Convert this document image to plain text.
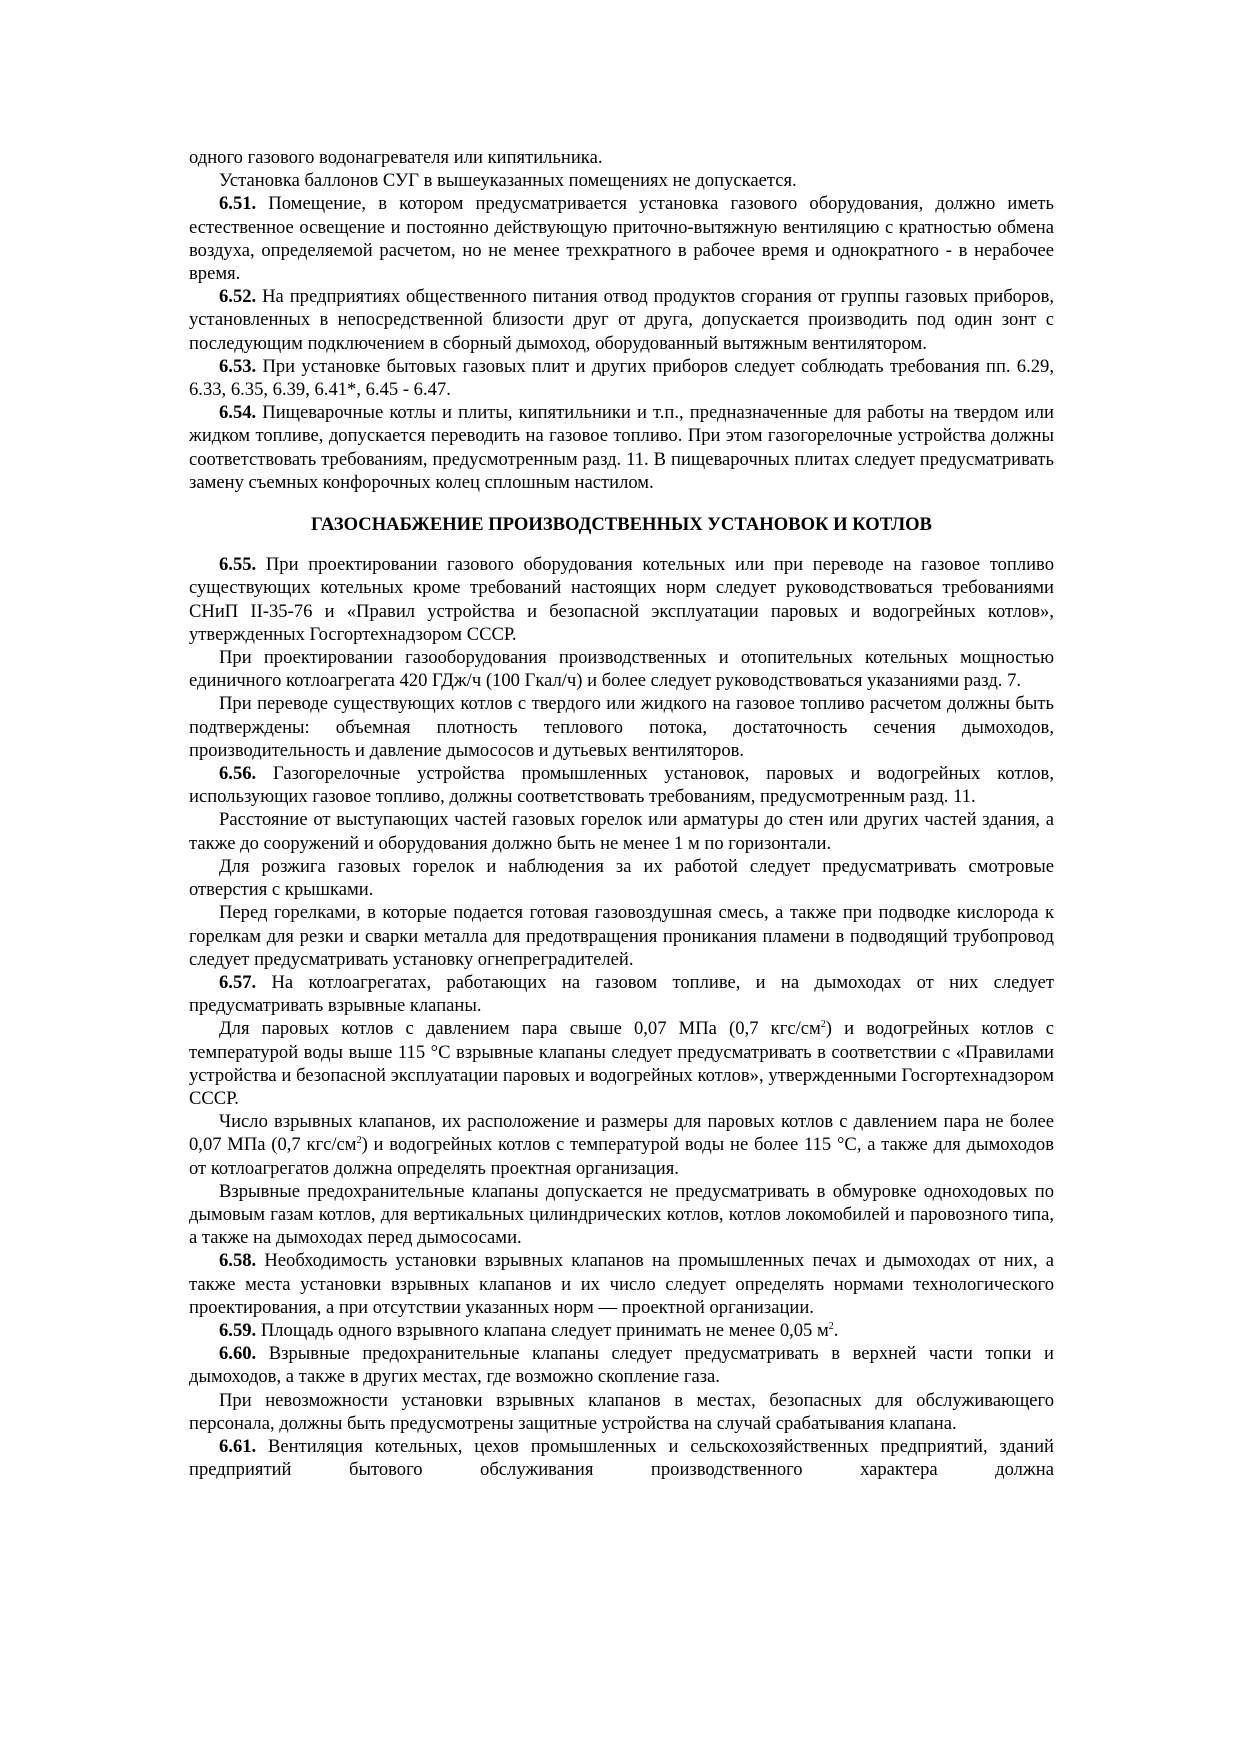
одного газового водонагревателя или кипятильника.

Установка баллонов СУГ в вышеуказанных помещениях не допускается.

6.51. Помещение, в котором предусматривается установка газового оборудования, должно иметь естественное освещение и постоянно действующую приточно-вытяжную вентиляцию с кратностью обмена воздуха, определяемой расчетом, но не менее трехкратного в рабочее время и однократного - в нерабочее время.

6.52. На предприятиях общественного питания отвод продуктов сгорания от группы газовых приборов, установленных в непосредственной близости друг от друга, допускается производить под один зонт с последующим подключением в сборный дымоход, оборудованный вытяжным вентилятором.

6.53. При установке бытовых газовых плит и других приборов следует соблюдать требования пп. 6.29, 6.33, 6.35, 6.39, 6.41*, 6.45 - 6.47.

6.54. Пищеварочные котлы и плиты, кипятильники и т.п., предназначенные для работы на твердом или жидком топливе, допускается переводить на газовое топливо. При этом газогорелочные устройства должны соответствовать требованиям, предусмотренным разд. 11. В пищеварочных плитах следует предусматривать замену съемных конфорочных колец сплошным настилом.

ГАЗОСНАБЖЕНИЕ ПРОИЗВОДСТВЕННЫХ УСТАНОВОК И КОТЛОВ

6.55. При проектировании газового оборудования котельных или при переводе на газовое топливо существующих котельных кроме требований настоящих норм следует руководствоваться требованиями СНиП II-35-76 и «Правил устройства и безопасной эксплуатации паровых и водогрейных котлов», утвержденных Госгортехнадзором СССР.

При проектировании газооборудования производственных и отопительных котельных мощностью единичного котлоагрегата 420 ГДж/ч (100 Гкал/ч) и более следует руководствоваться указаниями разд. 7.

При переводе существующих котлов с твердого или жидкого на газовое топливо расчетом должны быть подтверждены: объемная плотность теплового потока, достаточность сечения дымоходов, производительность и давление дымососов и дутьевых вентиляторов.

6.56. Газогорелочные устройства промышленных установок, паровых и водогрейных котлов, использующих газовое топливо, должны соответствовать требованиям, предусмотренным разд. 11.

Расстояние от выступающих частей газовых горелок или арматуры до стен или других частей здания, а также до сооружений и оборудования должно быть не менее 1 м по горизонтали.

Для розжига газовых горелок и наблюдения за их работой следует предусматривать смотровые отверстия с крышками.

Перед горелками, в которые подается готовая газовоздушная смесь, а также при подводке кислорода к горелкам для резки и сварки металла для предотвращения проникания пламени в подводящий трубопровод следует предусматривать установку огнепреградителей.

6.57. На котлоагрегатах, работающих на газовом топливе, и на дымоходах от них следует предусматривать взрывные клапаны.

Для паровых котлов с давлением пара свыше 0,07 МПа (0,7 кгс/$см^2$) и водогрейных котлов с температурой воды выше 115 °С взрывные клапаны следует предусматривать в соответствии с «Правилами устройства и безопасной эксплуатации паровых и водогрейных котлов», утвержденными Госгортехнадзором СССР.

Число взрывных клапанов, их расположение и размеры для паровых котлов с давлением пара не более 0,07 МПа (0,7 кгс/$см^2$) и водогрейных котлов с температурой воды не более 115 °С, а также для дымоходов от котлоагрегатов должна определять проектная организация.

Взрывные предохранительные клапаны допускается не предусматривать в обмуровке одноходовых по дымовым газам котлов, для вертикальных цилиндрических котлов, котлов локомобилей и паровозного типа, а также на дымоходах перед дымососами.

6.58. Необходимость установки взрывных клапанов на промышленных печах и дымоходах от них, а также места установки взрывных клапанов и их число следует определять нормами технологического проектирования, а при отсутствии указанных норм — проектной организации.

6.59. Площадь одного взрывного клапана следует принимать не менее 0,05 $м^2$.

6.60. Взрывные предохранительные клапаны следует предусматривать в верхней части топки и дымоходов, а также в других местах, где возможно скопление газа.

При невозможности установки взрывных клапанов в местах, безопасных для обслуживающего персонала, должны быть предусмотрены защитные устройства на случай срабатывания клапана.

6.61. Вентиляция котельных, цехов промышленных и сельскохозяйственных предприятий, зданий предприятий бытового обслуживания производственного характера должна
